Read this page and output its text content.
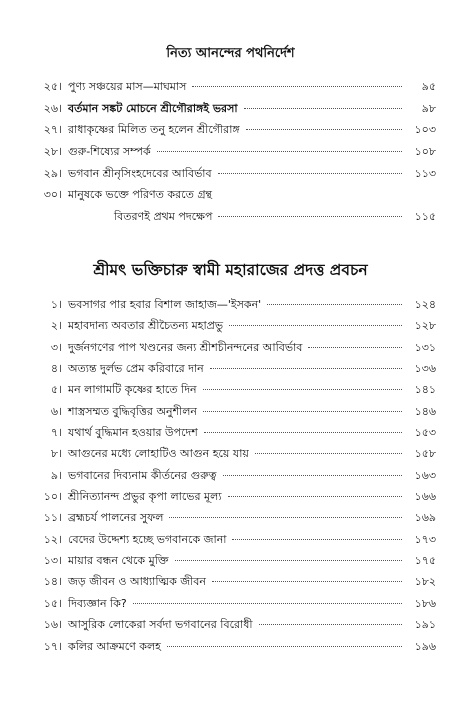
নিত্য আনন্দের পথনির্দেশ
২৫। পুণ্য সঞ্চয়ের মাস—মাঘমাস	৯৫
২৬। বর্তমান সঙ্কট মোচনে শ্রীগৌরাঙ্গই ভরসা	৯৮
২৭। রাধাকৃষ্ণের মিলিত তনু হলেন শ্রীগৌরাঙ্গ	১০৩
২৮। গুরু-শিষ্যের সম্পর্ক	১০৮
২৯। ভগবান শ্রীনৃসিংহদেবের আবির্ভাব	১১৩
৩০। মানুষকে ভক্তে পরিণত করতে গ্রন্থ
বিতরণই প্রথম পদক্ষেপ	১১৫
শ্রীমৎ ভক্তিচারু স্বামী মহারাজের প্রদত্ত প্রবচন
১। ভবসাগর পার হবার বিশাল জাহাজ—'ইসকন'	১২৪
২। মহাবদান্য অবতার শ্রীচৈতন্য মহাপ্রভু	১২৮
৩। দুর্জনগণের পাপ খণ্ডনের জন্য শ্রীশচীনন্দনের আবির্ভাব	১৩১
৪। অত্যন্ত দুর্লভ প্রেম করিবারে দান	১৩৬
৫। মন লাগামটি কৃষ্ণের হাতে দিন	১৪১
৬। শাস্ত্রসম্মত বুদ্ধিবৃত্তির অনুশীলন	১৪৬
৭। যথার্থ বুদ্ধিমান হওয়ার উপদেশ	১৫৩
৮। আগুনের মধ্যে লোহাটিও আগুন হয়ে যায়	১৫৮
৯। ভগবানের দিব্যনাম কীর্তনের গুরুত্ব	১৬৩
১০। শ্রীনিত্যানন্দ প্রভুর কৃপা লাভের মূল্য	১৬৬
১১। ব্রহ্মচর্য পালনের সুফল	১৬৯
১২। বেদের উদ্দেশ্য হচ্ছে ভগবানকে জানা	১৭৩
১৩। মায়ার বন্ধন থেকে মুক্তি	১৭৫
১৪। জড় জীবন ও আধ্যাত্মিক জীবন	১৮২
১৫। দিব্যজ্ঞান কি?	১৮৬
১৬। আসুরিক লোকেরা সর্বদা ভগবানের বিরোধী	১৯১
১৭। কলির আক্রমণে কলহ	১৯৬
